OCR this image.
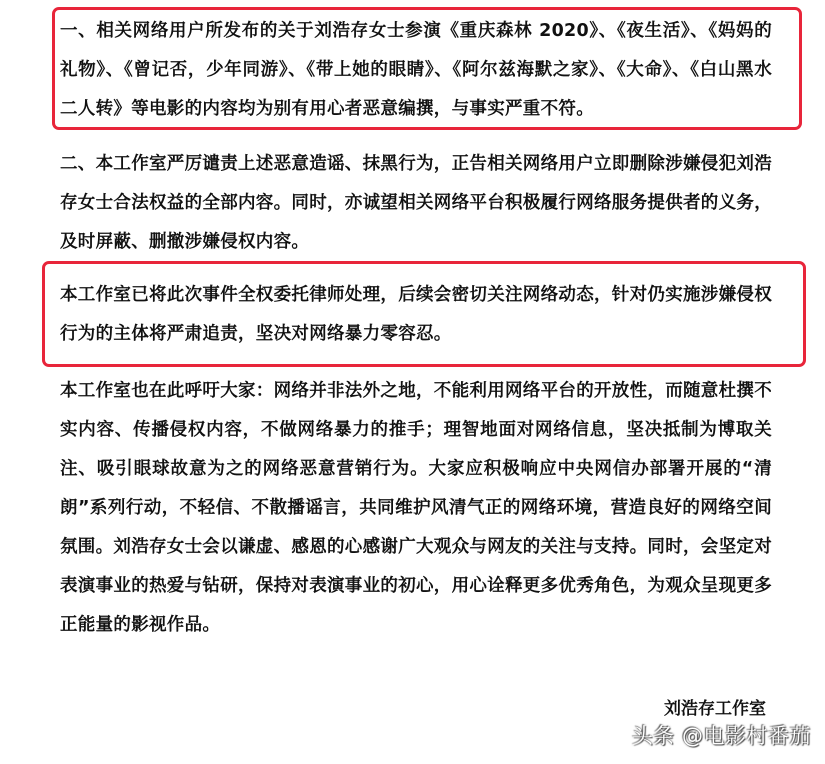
一、相关网络用户所发布的关于刘浩存女士参演《重庆森林 2020》、《夜生活》、《妈妈的礼物》、《曾记否，少年同游》、《带上她的眼睛》、《阿尔兹海默之家》、《大命》、《白山黑水二人转》等电影的内容均为别有用心者恶意编撰，与事实严重不符。

二、本工作室严厉谴责上述恶意造谣、抹黑行为，正告相关网络用户立即删除涉嫌侵犯刘浩存女士合法权益的全部内容。同时，亦诚望相关网络平台积极履行网络服务提供者的义务，及时屏蔽、删撤涉嫌侵权内容。

本工作室已将此次事件全权委托律师处理，后续会密切关注网络动态，针对仍实施涉嫌侵权行为的主体将严肃追责，坚决对网络暴力零容忍。

本工作室也在此呼吁大家：网络并非法外之地，不能利用网络平台的开放性，而随意杜撰不实内容、传播侵权内容，不做网络暴力的推手；理智地面对网络信息，坚决抵制为博取关注、吸引眼球故意为之的网络恶意营销行为。大家应积极响应中央网信办部署开展的“清朗”系列行动，不轻信、不散播谣言，共同维护风清气正的网络环境，营造良好的网络空间氛围。刘浩存女士会以谦虚、感恩的心感谢广大观众与网友的关注与支持。同时，会坚定对表演事业的热爱与钻研，保持对表演事业的初心，用心诠释更多优秀角色，为观众呈现更多正能量的影视作品。

刘浩存工作室

头条 @电影村番茄
